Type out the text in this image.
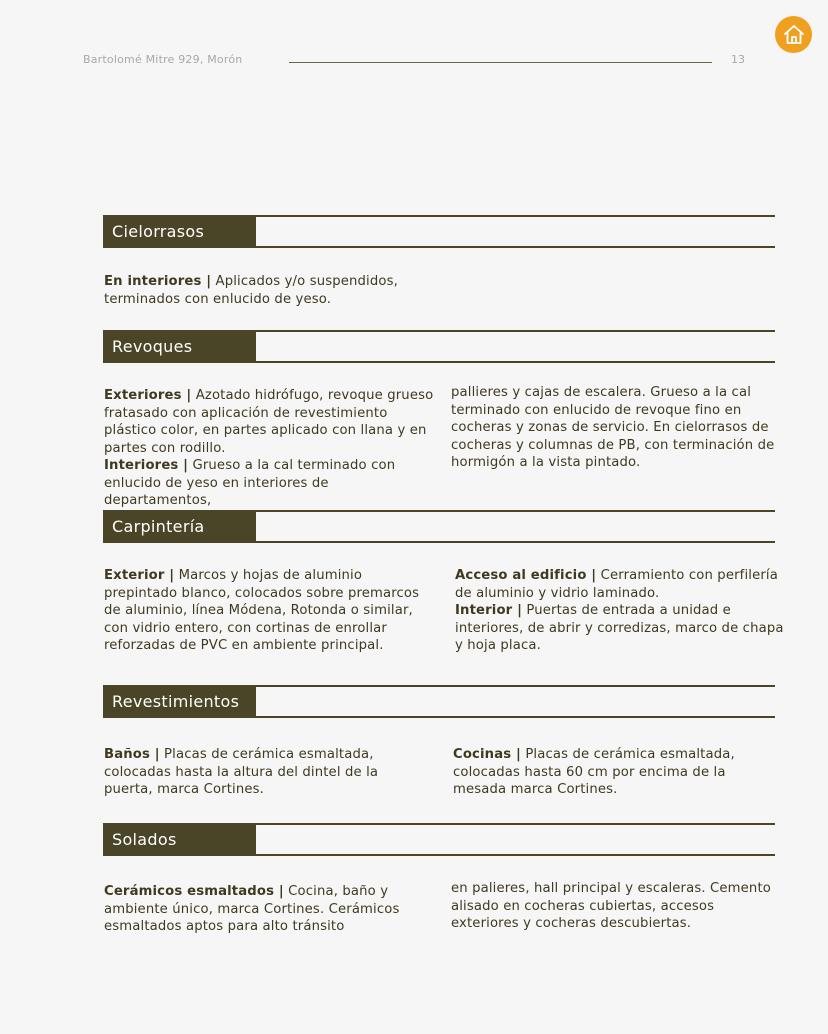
Bartolomé Mitre 929, Morón	13
Cielorrasos

En interiores | Aplicados y/o suspendidos, terminados con enlucido de yeso.

Revoques

Exteriores | Azotado hidrófugo, revoque grueso fratasado con aplicación de revestimiento plástico color, en partes aplicado con llana y en partes con rodillo.

Interiores | Grueso a la cal terminado con enlucido de yeso en interiores de departamentos,

pallieres y cajas de escalera. Grueso a la cal terminado con enlucido de revoque fino en cocheras y zonas de servicio. En cielorrasos de cocheras y columnas de PB, con terminación de hormigón a la vista pintado.

Carpintería

Exterior | Marcos y hojas de aluminio prepintado blanco, colocados sobre premarcos de aluminio, línea Módena, Rotonda o similar, con vidrio entero, con cortinas de enrollar reforzadas de PVC en ambiente principal.

Acceso al edificio | Cerramiento con perfilería de aluminio y vidrio laminado.

Interior | Puertas de entrada a unidad e interiores, de abrir y corredizas, marco de chapa y hoja placa.

Revestimientos

Baños | Placas de cerámica esmaltada, colocadas hasta la altura del dintel de la puerta, marca Cortines.

Cocinas | Placas de cerámica esmaltada, colocadas hasta 60 cm por encima de la mesada marca Cortines.

Solados

Cerámicos esmaltados | Cocina, baño y ambiente único, marca Cortines. Cerámicos esmaltados aptos para alto tránsito

en palieres, hall principal y escaleras. Cemento alisado en cocheras cubiertas, accesos exteriores y cocheras descubiertas.
